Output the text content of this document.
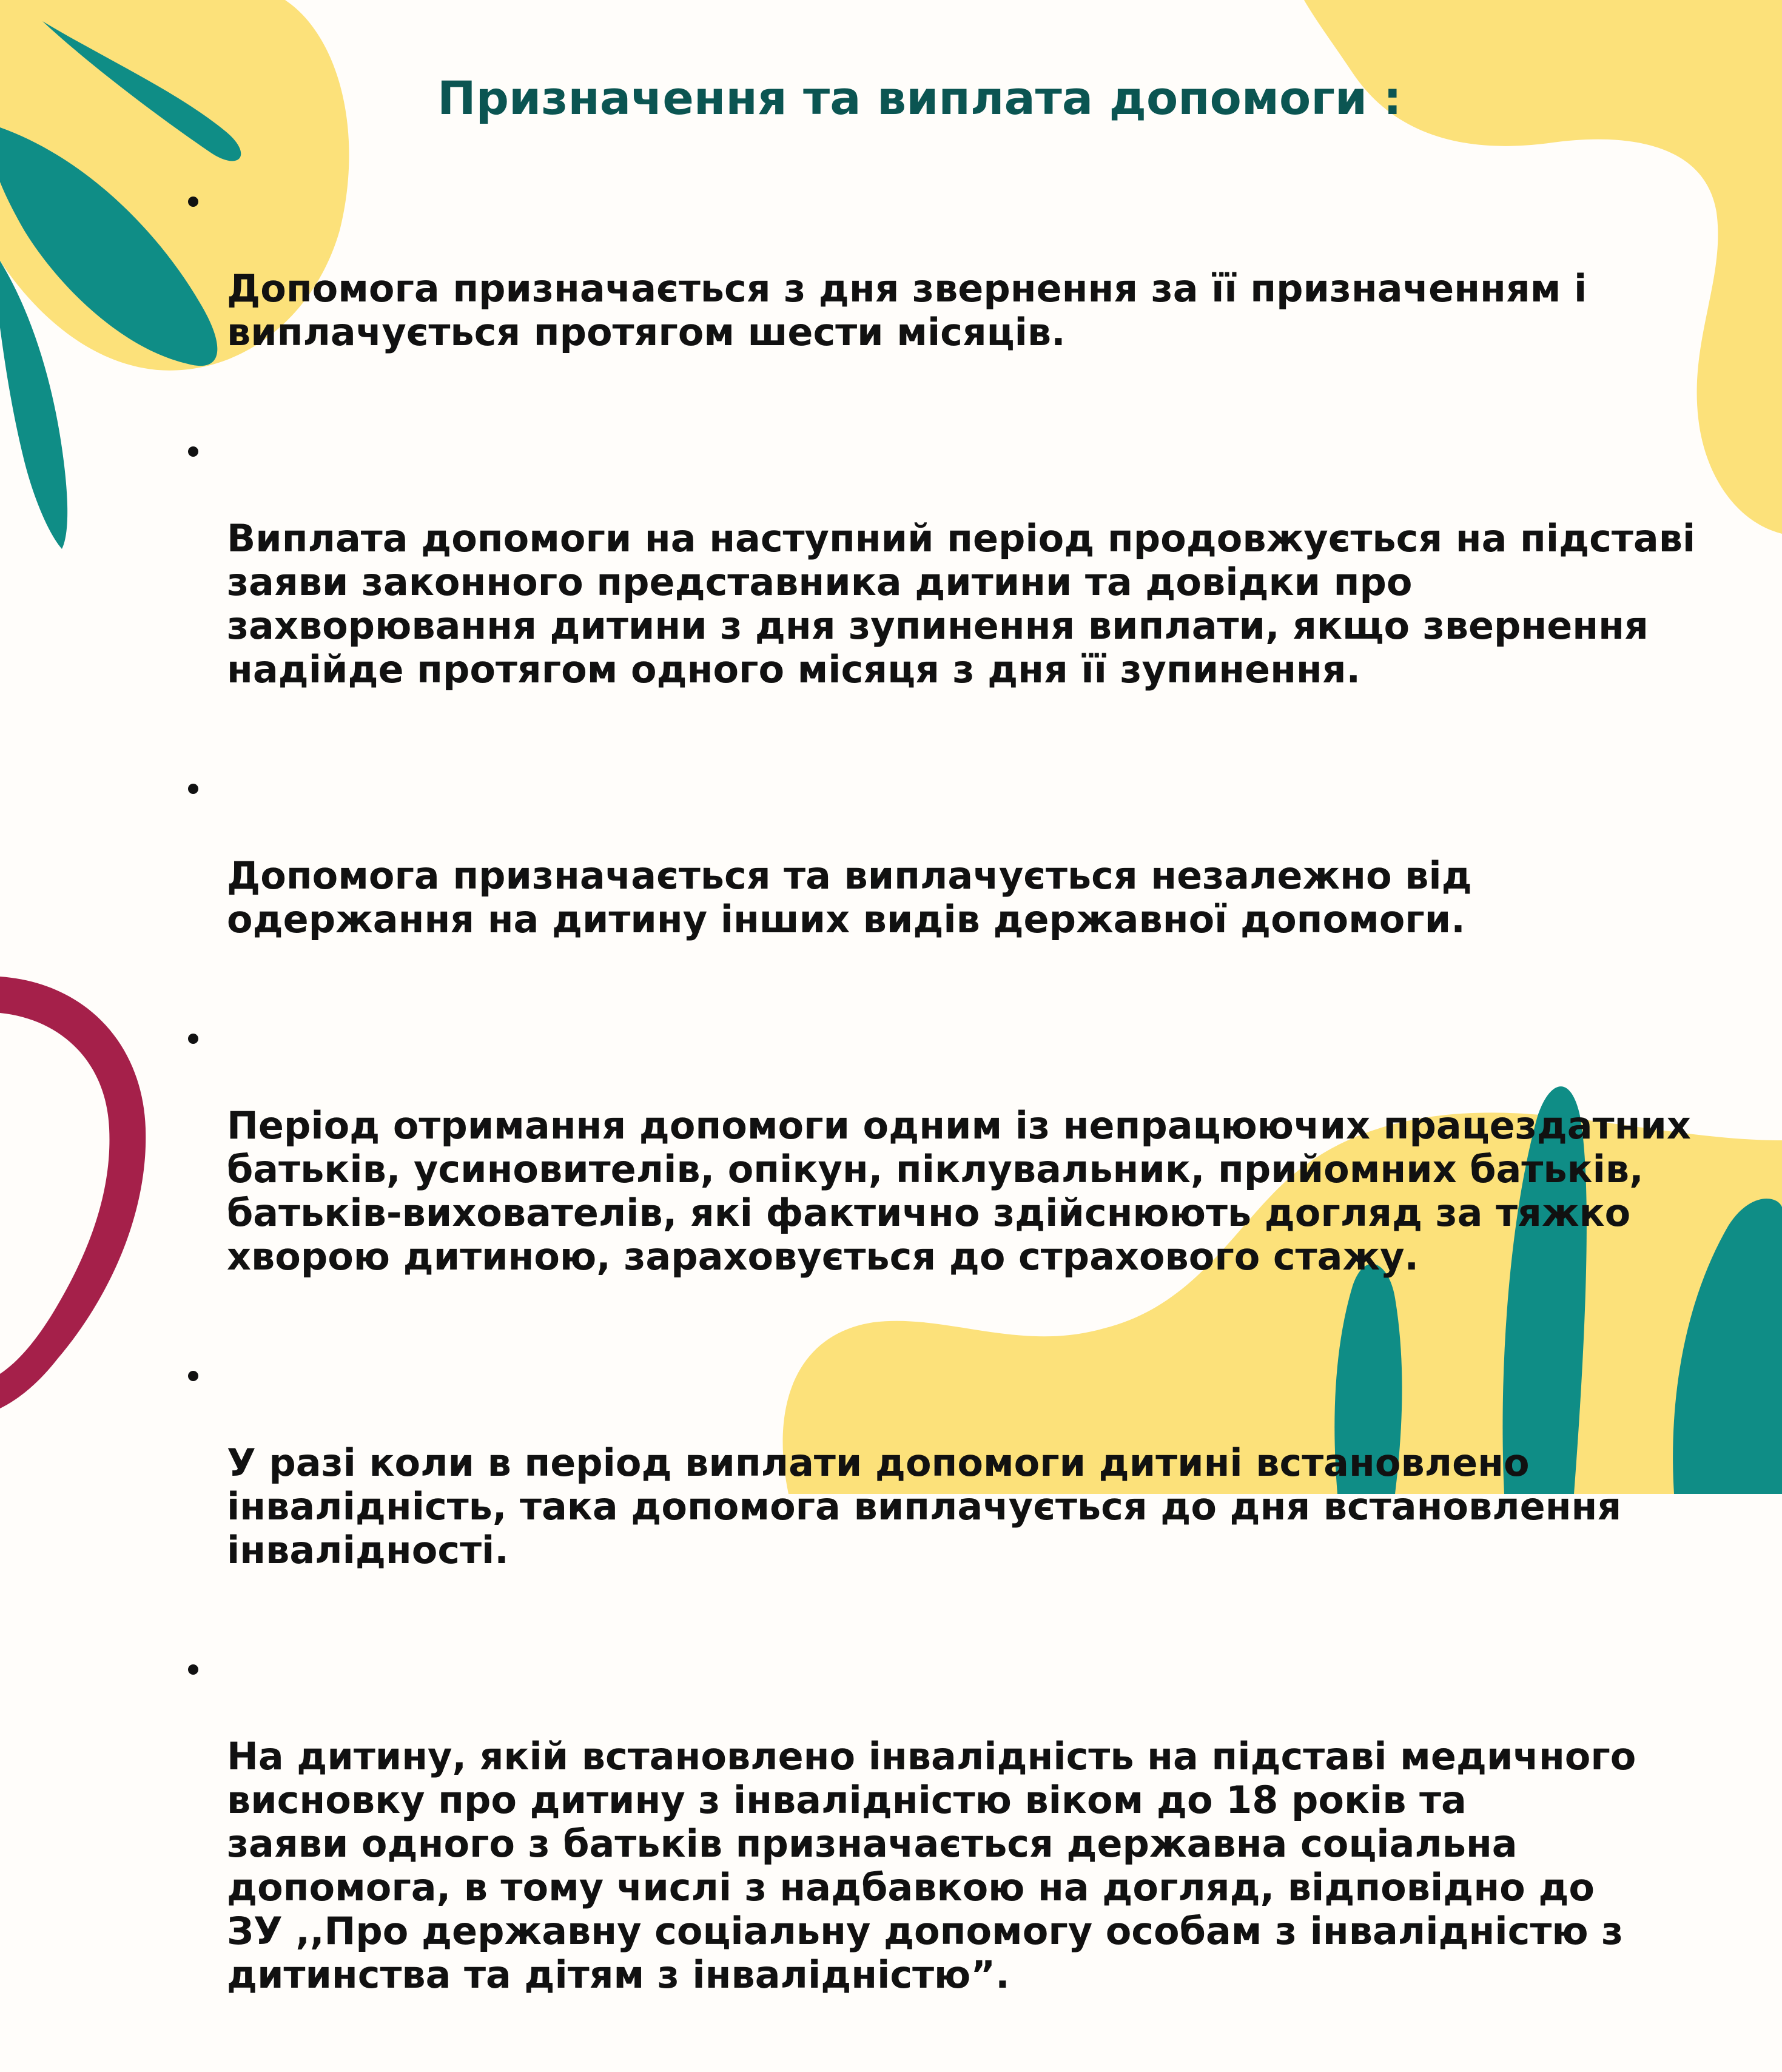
Призначення та виплата допомоги :

Допомога призначається з дня звернення за її призначенням і
виплачується протягом шести місяців.

Виплата допомоги на наступний період продовжується на підставі
заяви законного представника дитини та довідки про
захворювання дитини з дня зупинення виплати, якщо звернення
надійде протягом одного місяця з дня її зупинення.

Допомога призначається та виплачується незалежно від
одержання на дитину інших видів державної допомоги.

Період отримання допомоги одним із непрацюючих працездатних
батьків, усиновителів, опікун, піклувальник, прийомних батьків,
батьків-вихователів, які фактично здійснюють догляд за тяжко
хворою дитиною, зараховується до страхового стажу.

У разі коли в період виплати допомоги дитині встановлено
інвалідність, така допомога виплачується до дня встановлення
інвалідності.

На дитину, якій встановлено інвалідність на підставі медичного
висновку про дитину з інвалідністю віком до 18 років та
заяви одного з батьків призначається державна соціальна
допомога, в тому числі з надбавкою на догляд, відповідно до
ЗУ ,,Про державну соціальну допомогу особам з інвалідністю з
дитинства та дітям з інвалідністю”.
